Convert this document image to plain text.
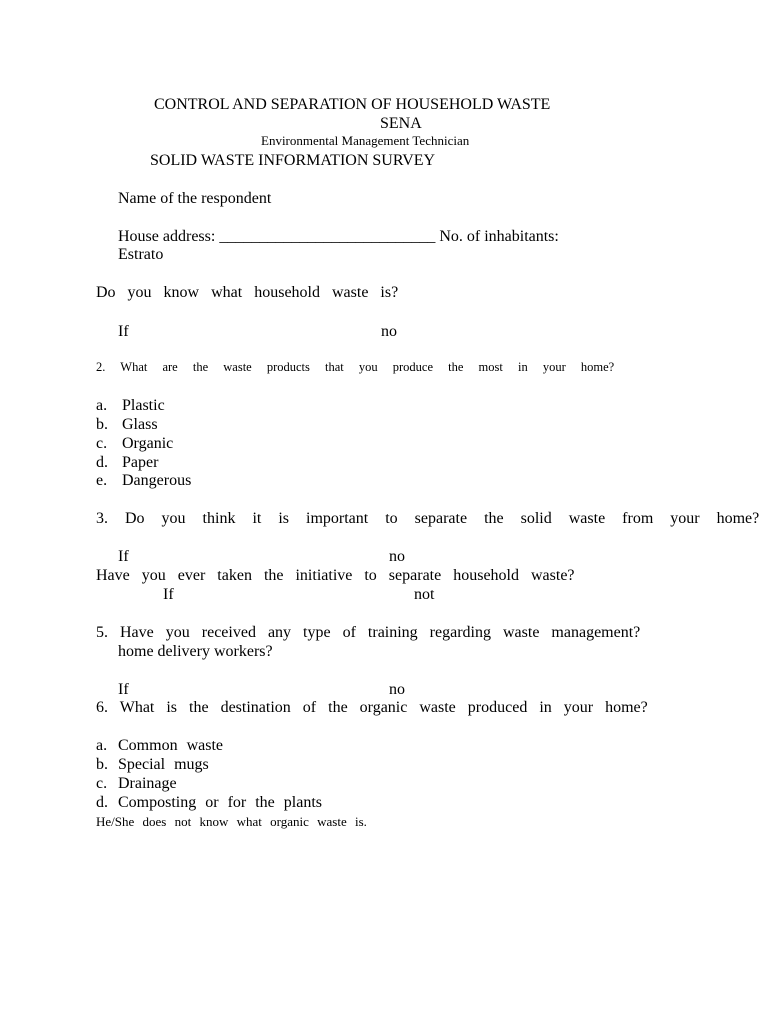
CONTROL AND SEPARATION OF HOUSEHOLD WASTE
SENA
Environmental Management Technician
SOLID WASTE INFORMATION SURVEY
Name of the respondent
House address: ___________________________ No. of inhabitants:
Estrato
Do you know what household waste is?
If	no
2. What are the waste products that you produce the most in your home?
a. Plastic
b. Glass
c. Organic
d. Paper
e. Dangerous
3. Do you think it is important to separate the solid waste from your home?
If	no
Have you ever taken the initiative to separate household waste?
If	not
5. Have you received any type of training regarding waste management?
home delivery workers?
If	no
6. What is the destination of the organic waste produced in your home?
a. Common waste
b. Special mugs
c. Drainage
d. Composting or for the plants
He/She does not know what organic waste is.
